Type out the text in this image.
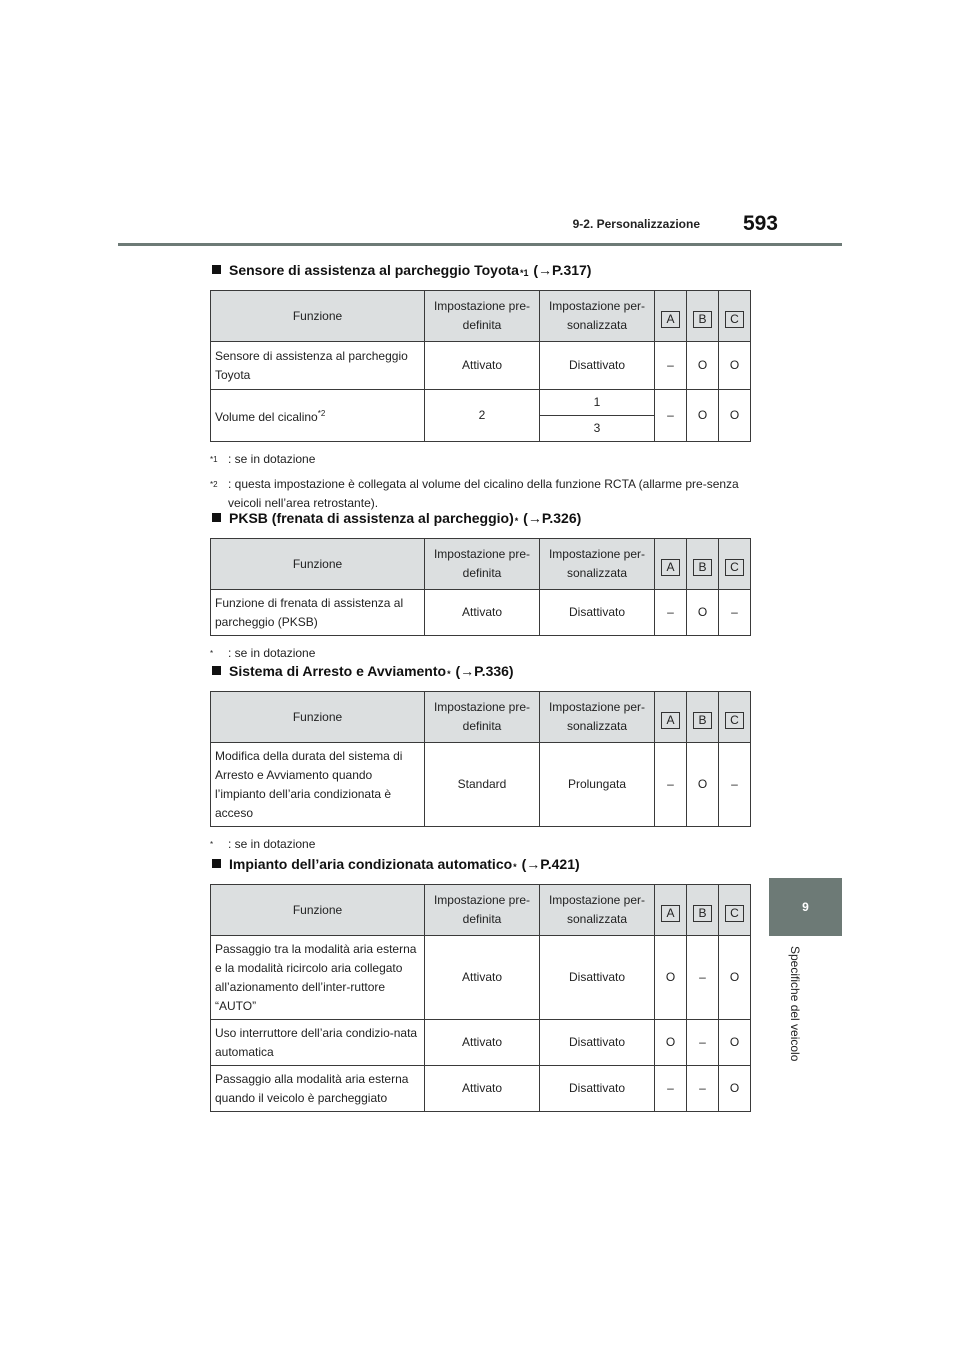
9-2. Personalizzazione	593
9
Specifiche del veicolo
Sensore di assistenza al parcheggio Toyota$_{*1}$
(→P.317)
Funzione	Impostazione pre-definita	Impostazione per-sonalizzata	A	B	C
Sensore di assistenza al parcheggio Toyota	Attivato	Disattivato	–	O	O
Volume del cicalino$^{*2}$	2	1	–	O	O
		3			
$^{*1}$ : se in dotazione
$^{*2}$ : questa impostazione è collegata al volume del cicalino della funzione RCTA (allarme pre-senza veicoli nell’area retrostante).
PKSB (frenata di assistenza al $parcheggio)_*$
(→P.326)
Funzione	Impostazione pre-definita	Impostazione per-sonalizzata	A	B	C
Funzione di frenata di assistenza al parcheggio (PKSB)	Attivato	Disattivato	–	O	–
*	: se in dotazione
Sistema di Arresto e Avviamento$_*$
(→P.336)
Funzione	Impostazione pre-definita	Impostazione per-sonalizzata	A	B	C
Modifica della durata del sistema di Arresto e Avviamento quando l’impianto dell’aria condizionata è acceso	Standard	Prolungata	–	O	–
*	: se in dotazione
Impianto dell’aria condizionata automatico$_*$
(→P.421)
Funzione	Impostazione pre-definita	Impostazione per-sonalizzata	A	B	C
Passaggio tra la modalità aria esterna e la modalità ricircolo aria collegato all’azionamento dell’inter-ruttore “AUTO”	Attivato	Disattivato	O	–	O
Uso interruttore dell’aria condizio-nata automatica	Attivato	Disattivato	O	–	O
Passaggio alla modalità aria esterna quando il veicolo è parcheggiato	Attivato	Disattivato	–	–	O
